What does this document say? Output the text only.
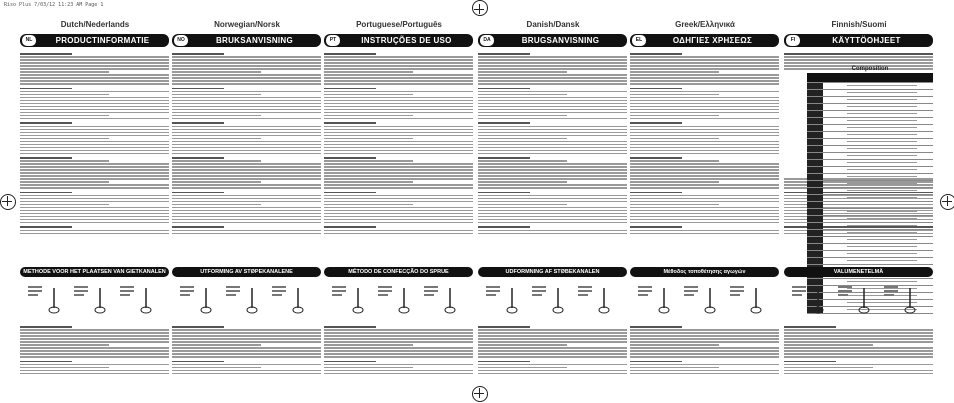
Riso Plus 7/03/12 11:23 AM Page 1
Dutch/Nederlands	Norwegian/Norsk	Portuguese/Português	Danish/Dansk	Greek/Ελληνικά	Finnish/Suomi
NL	PRODUCTINFORMATIE	NO	BRUKSANVISNING	PT	INSTRUÇÕES DE USO	DA	BRUGSANVISNING	EL	ΟΔΗΓΙΕΣ ΧΡΗΣΕΩΣ	FI	KÄYTTÖOHJEET
Composition
METHODE VOOR HET PLAATSEN VAN GIETKANALEN	UTFORMING AV STØPEKANALENE	MÉTODO DE CONFECÇÃO DO SPRUE	UDFORMNING AF STØBEKANALEN	Μέθοδος τοποθέτησης αγωγών	VALUMENETELMÄ
